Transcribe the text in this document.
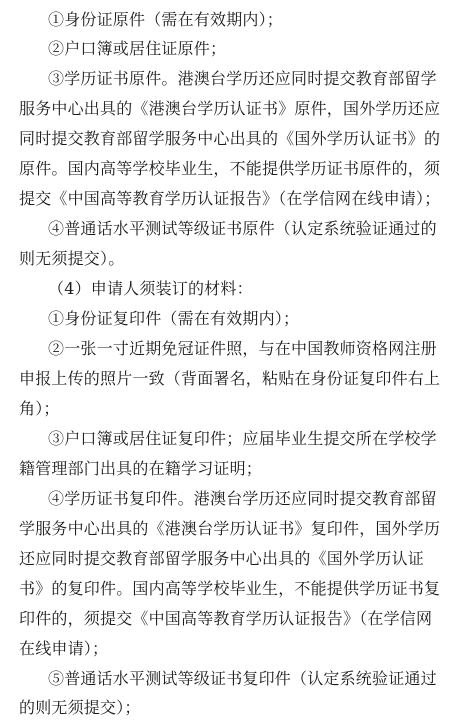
①身份证原件（需在有效期内）；
②户口簿或居住证原件；
③学历证书原件。港澳台学历还应同时提交教育部留学
服务中心出具的《港澳台学历认证书》原件，国外学历还应
同时提交教育部留学服务中心出具的《国外学历认证书》的
原件。国内高等学校毕业生，不能提供学历证书原件的，须
提交《中国高等教育学历认证报告》（在学信网在线申请）；
④普通话水平测试等级证书原件（认定系统验证通过的
则无须提交）。
（4）申请人须装订的材料：
①身份证复印件（需在有效期内）；
②一张一寸近期免冠证件照，与在中国教师资格网注册
申报上传的照片一致（背面署名，粘贴在身份证复印件右上
角）；
③户口簿或居住证复印件；应届毕业生提交所在学校学
籍管理部门出具的在籍学习证明；
④学历证书复印件。港澳台学历还应同时提交教育部留
学服务中心出具的《港澳台学历认证书》复印件，国外学历
还应同时提交教育部留学服务中心出具的《国外学历认证
书》的复印件。国内高等学校毕业生，不能提供学历证书复
印件的，须提交《中国高等教育学历认证报告》（在学信网
在线申请）；
⑤普通话水平测试等级证书复印件（认定系统验证通过
的则无须提交）；
